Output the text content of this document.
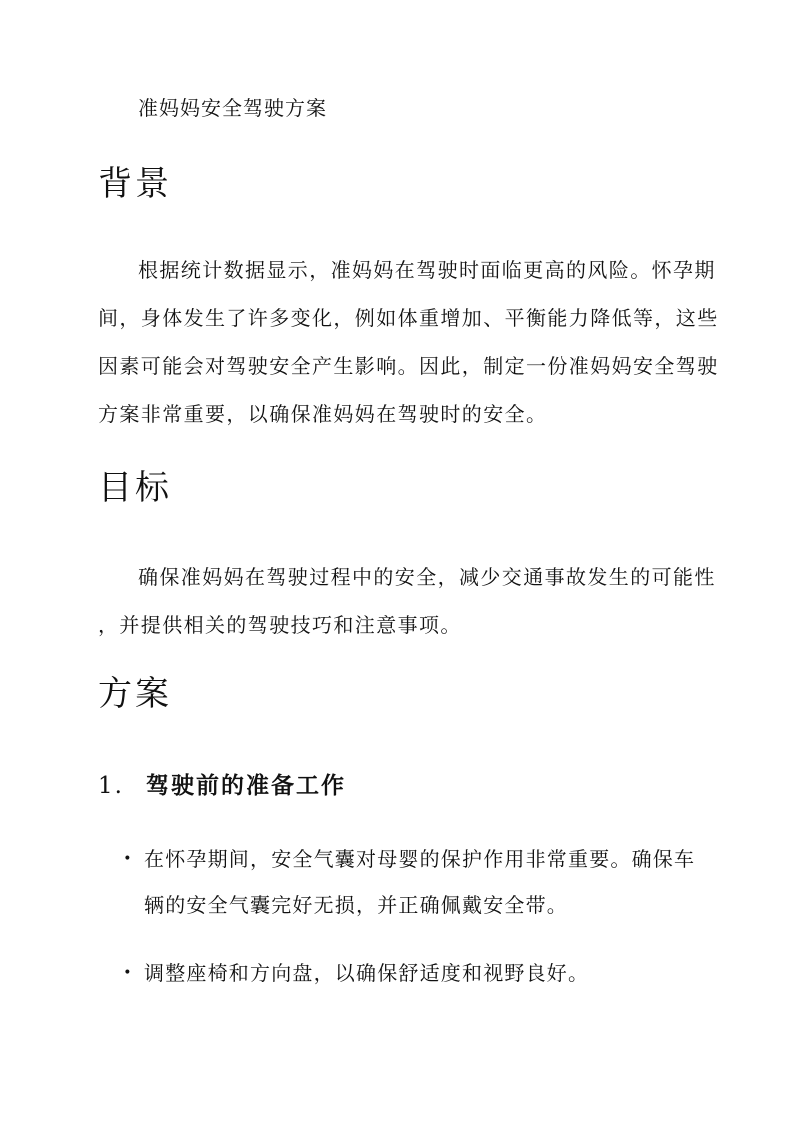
准妈妈安全驾驶方案
背景
根据统计数据显示，准妈妈在驾驶时面临更高的风险。怀孕期
间，身体发生了许多变化，例如体重增加、平衡能力降低等，这些
因素可能会对驾驶安全产生影响。因此，制定一份准妈妈安全驾驶
方案非常重要，以确保准妈妈在驾驶时的安全。
目标
确保准妈妈在驾驶过程中的安全，减少交通事故发生的可能性
，并提供相关的驾驶技巧和注意事项。
方案
1. 驾驶前的准备工作
• 在怀孕期间，安全气囊对母婴的保护作用非常重要。确保车
辆的安全气囊完好无损，并正确佩戴安全带。
• 调整座椅和方向盘，以确保舒适度和视野良好。
